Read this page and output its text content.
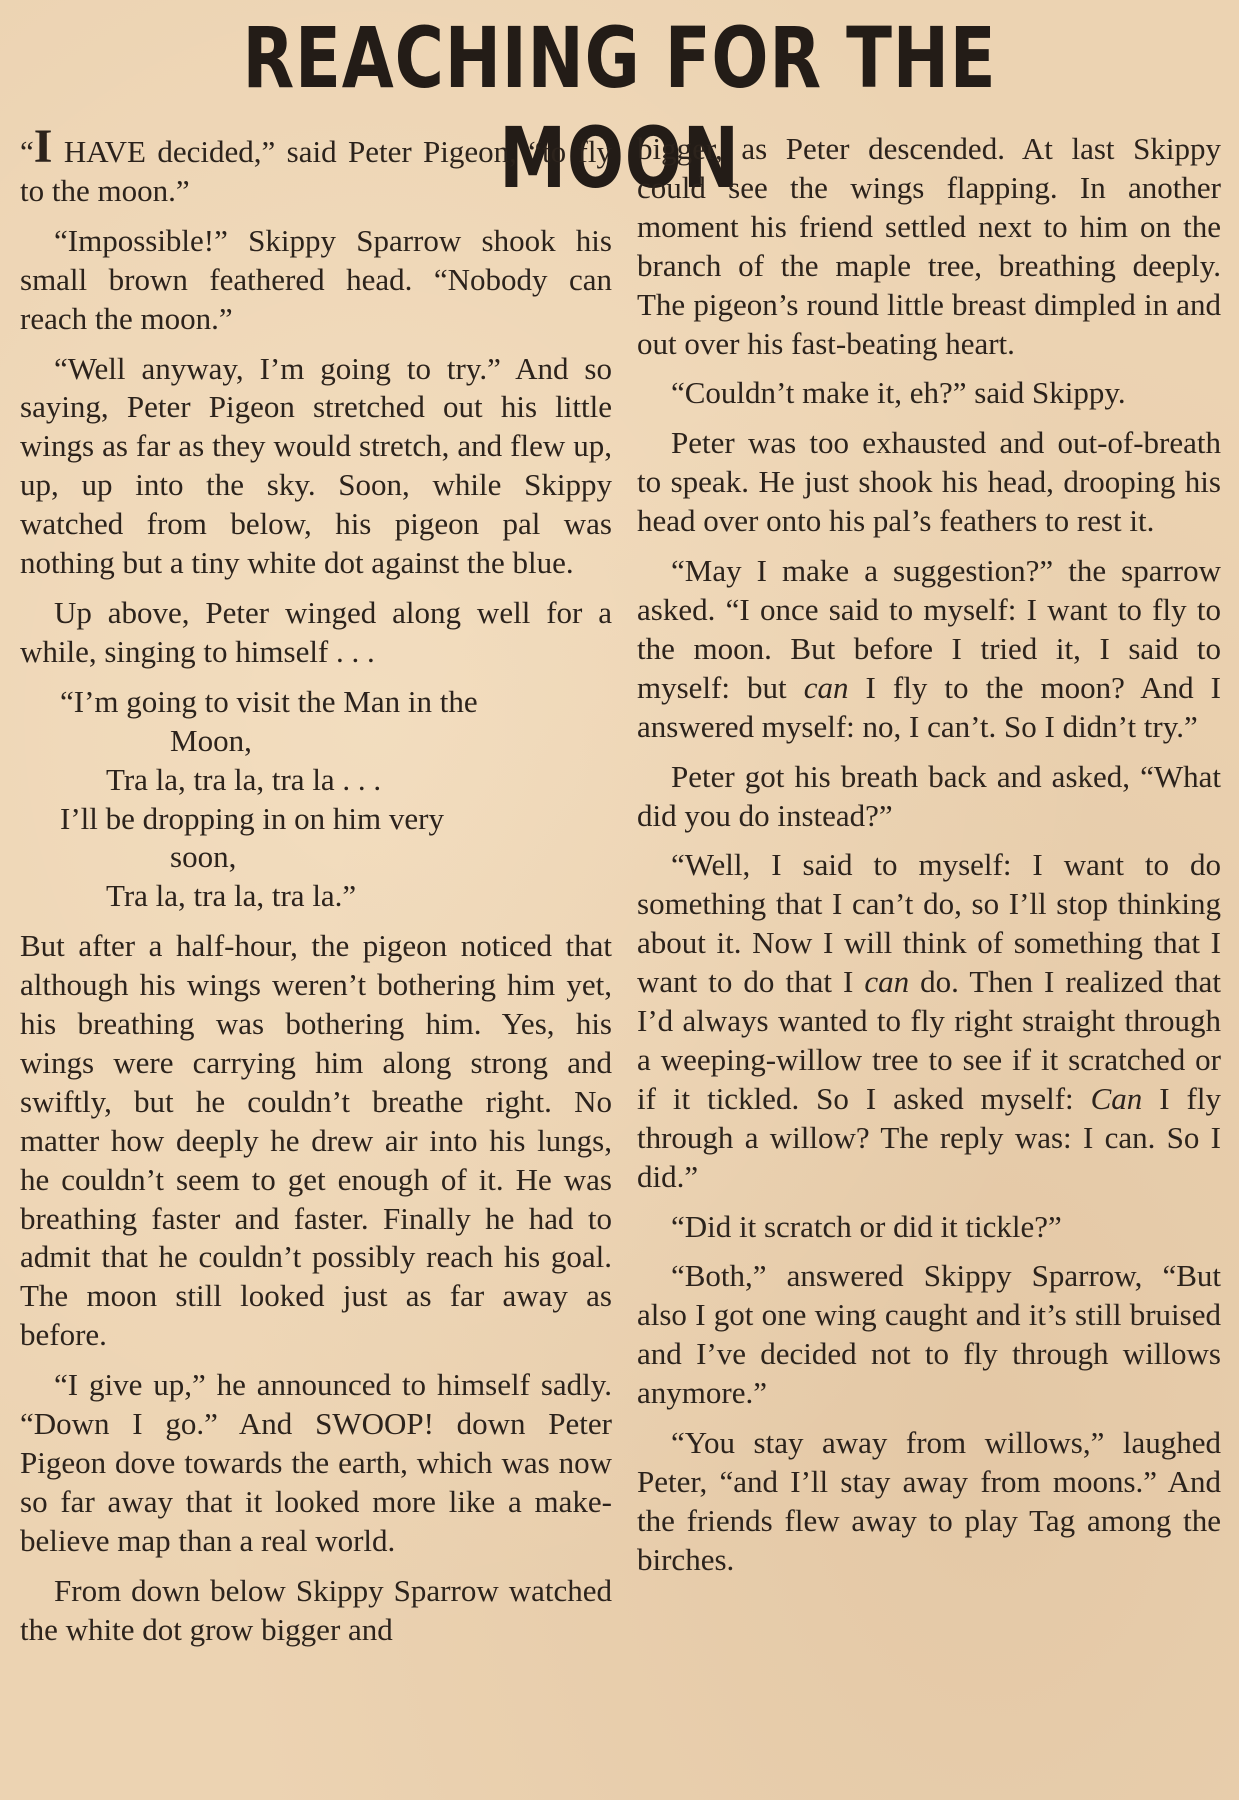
REACHING FOR THE MOON

“I HAVE decided,” said Peter Pigeon, “to fly to the moon.”

“Impossible!” Skippy Sparrow shook his small brown feathered head. “Nobody can reach the moon.”

“Well anyway, I’m going to try.” And so saying, Peter Pigeon stretched out his little wings as far as they would stretch, and flew up, up, up into the sky. Soon, while Skippy watched from below, his pigeon pal was nothing but a tiny white dot against the blue.

Up above, Peter winged along well for a while, singing to himself . . .

“I’m going to visit the Man in the
Moon,
Tra la, tra la, tra la . . .
I’ll be dropping in on him very
soon,
Tra la, tra la, tra la.”

But after a half-hour, the pigeon noticed that although his wings weren’t bothering him yet, his breathing was bothering him. Yes, his wings were carrying him along strong and swiftly, but he couldn’t breathe right. No matter how deeply he drew air into his lungs, he couldn’t seem to get enough of it. He was breathing faster and faster. Finally he had to admit that he couldn’t possibly reach his goal. The moon still looked just as far away as before.

“I give up,” he announced to himself sadly. “Down I go.” And SWOOP! down Peter Pigeon dove towards the earth, which was now so far away that it looked more like a make-believe map than a real world.

From down below Skippy Sparrow watched the white dot grow bigger and

bigger, as Peter descended. At last Skippy could see the wings flapping. In another moment his friend settled next to him on the branch of the maple tree, breathing deeply. The pigeon’s round little breast dimpled in and out over his fast-beating heart.

“Couldn’t make it, eh?” said Skippy.

Peter was too exhausted and out-of-breath to speak. He just shook his head, drooping his head over onto his pal’s feathers to rest it.

“May I make a suggestion?” the sparrow asked. “I once said to myself: I want to fly to the moon. But before I tried it, I said to myself: but can I fly to the moon? And I answered myself: no, I can’t. So I didn’t try.”

Peter got his breath back and asked, “What did you do instead?”

“Well, I said to myself: I want to do something that I can’t do, so I’ll stop thinking about it. Now I will think of something that I want to do that I can do. Then I realized that I’d always wanted to fly right straight through a weeping-willow tree to see if it scratched or if it tickled. So I asked myself: Can I fly through a willow? The reply was: I can. So I did.”

“Did it scratch or did it tickle?”

“Both,” answered Skippy Sparrow, “But also I got one wing caught and it’s still bruised and I’ve decided not to fly through willows anymore.”

“You stay away from willows,” laughed Peter, “and I’ll stay away from moons.” And the friends flew away to play Tag among the birches.
